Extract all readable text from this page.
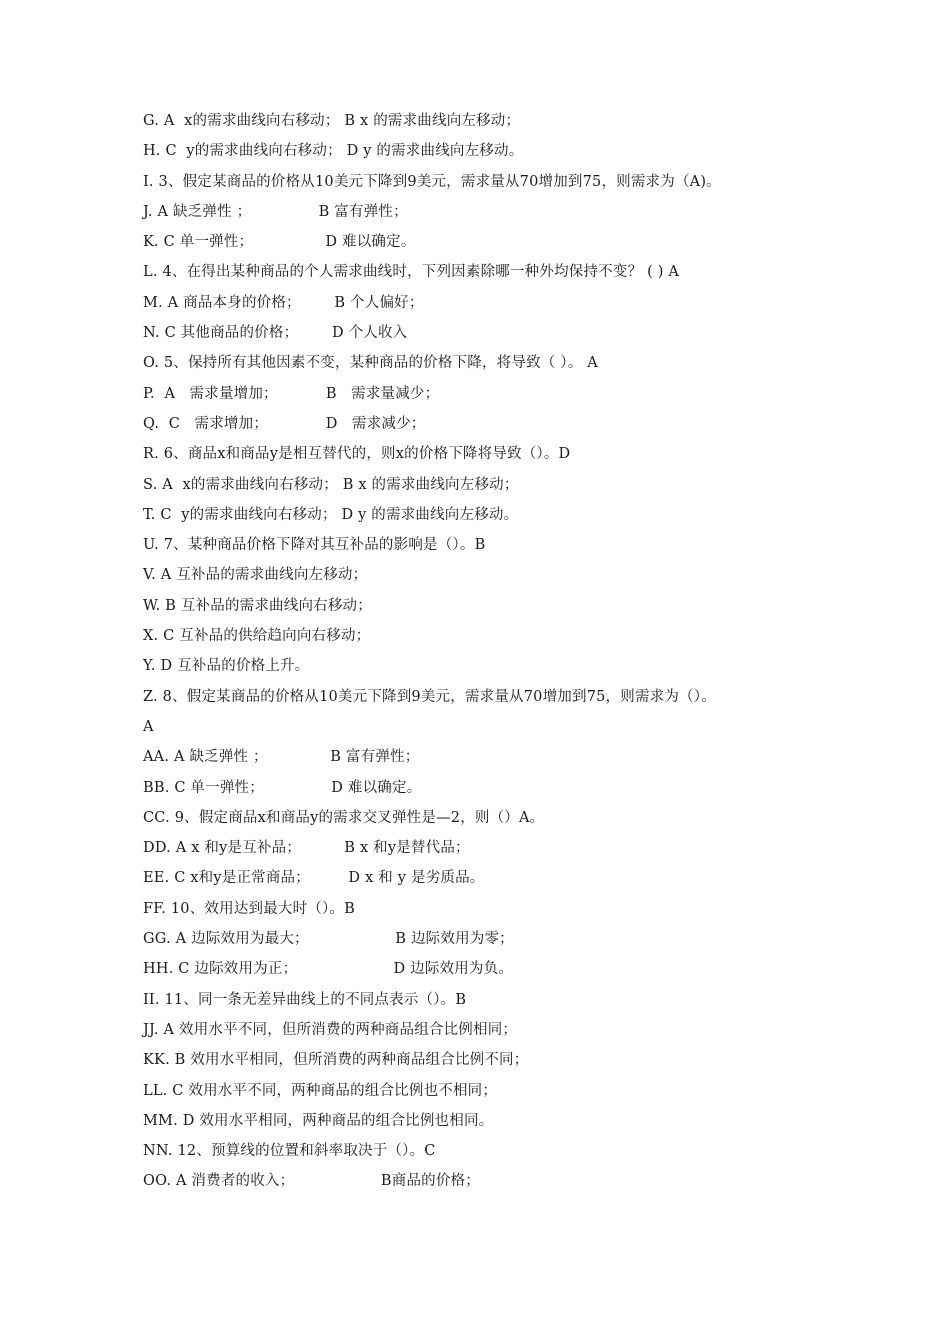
G. A  x的需求曲线向右移动； B x 的需求曲线向左移动；
H. C  y的需求曲线向右移动； D y 的需求曲线向左移动。
I. 3、假定某商品的价格从10美元下降到9美元，需求量从70增加到75，则需求为（A)。
J. A 缺乏弹性 ；              B 富有弹性；
K. C 单一弹性；               D 难以确定。
L. 4、在得出某种商品的个人需求曲线时，下列因素除哪一种外均保持不变？ ( ) A
M. A 商品本身的价格；       B 个人偏好；
N. C 其他商品的价格；       D 个人收入
O. 5、保持所有其他因素不变，某种商品的价格下降，将导致（ ）。 A
P.  A   需求量增加；          B   需求量减少；
Q.  C   需求增加；            D   需求减少；
R. 6、商品x和商品y是相互替代的，则x的价格下降将导致（）。D
S. A  x的需求曲线向右移动； B x 的需求曲线向左移动；
T. C  y的需求曲线向右移动； D y 的需求曲线向左移动。
U. 7、某种商品价格下降对其互补品的影响是（）。B
V. A 互补品的需求曲线向左移动；
W. B 互补品的需求曲线向右移动；
X. C 互补品的供给趋向向右移动；
Y. D 互补品的价格上升。
Z. 8、假定某商品的价格从10美元下降到9美元，需求量从70增加到75，则需求为（）。
A
AA. A 缺乏弹性 ；             B 富有弹性；
BB. C 单一弹性；              D 难以确定。
CC. 9、假定商品x和商品y的需求交叉弹性是—2，则（）A。
DD. A x 和y是互补品；         B x 和y是替代品；
EE. C x和y是正常商品；        D x 和 y 是劣质品。
FF. 10、效用达到最大时（）。B
GG. A 边际效用为最大；                  B 边际效用为零；
HH. C 边际效用为正；                    D 边际效用为负。
II. 11、同一条无差异曲线上的不同点表示（）。B
JJ. A 效用水平不同，但所消费的两种商品组合比例相同；
KK. B 效用水平相同，但所消费的两种商品组合比例不同；
LL. C 效用水平不同，两种商品的组合比例也不相同；
MM. D 效用水平相同，两种商品的组合比例也相同。
NN. 12、预算线的位置和斜率取决于（）。C
OO. A 消费者的收入；                  B商品的价格；
